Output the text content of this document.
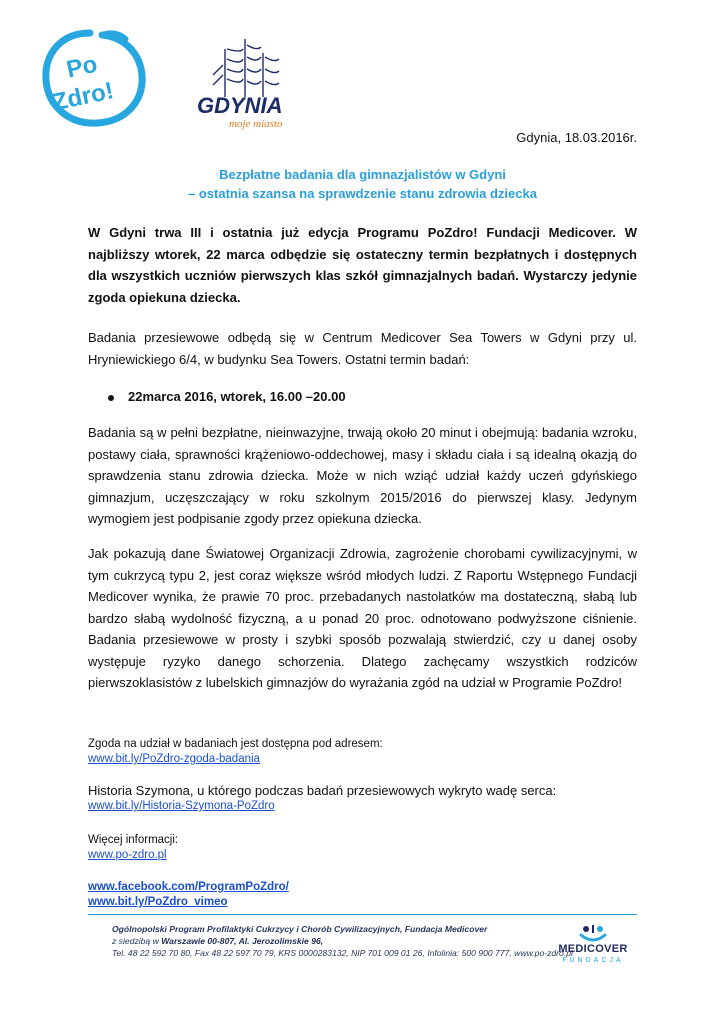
Po
Zdro!	GDYNIA
moje miasto
Gdynia, 18.03.2016r.
Bezpłatne badania dla gimnazjalistów w Gdyni
– ostatnia szansa na sprawdzenie stanu zdrowia dziecka
W Gdyni trwa III i ostatnia już edycja Programu PoZdro! Fundacji Medicover. W najbliższy wtorek, 22 marca odbędzie się ostateczny termin bezpłatnych i dostępnych dla wszystkich uczniów pierwszych klas szkół gimnazjalnych badań. Wystarczy jedynie zgoda opiekuna dziecka.
Badania przesiewowe odbędą się w Centrum Medicover Sea Towers w Gdyni przy ul. Hryniewickiego 6/4, w budynku Sea Towers. Ostatni termin badań:
22marca 2016, wtorek, 16.00 –20.00
Badania są w pełni bezpłatne, nieinwazyjne, trwają około 20 minut i obejmują: badania wzroku, postawy ciała, sprawności krążeniowo-oddechowej, masy i składu ciała i są idealną okazją do sprawdzenia stanu zdrowia dziecka. Może w nich wziąć udział każdy uczeń gdyńskiego gimnazjum, uczęszczający w roku szkolnym 2015/2016 do pierwszej klasy. Jedynym wymogiem jest podpisanie zgody przez opiekuna dziecka.
Jak pokazują dane Światowej Organizacji Zdrowia, zagrożenie chorobami cywilizacyjnymi, w tym cukrzycą typu 2, jest coraz większe wśród młodych ludzi. Z Raportu Wstępnego Fundacji Medicover wynika, że prawie 70 proc. przebadanych nastolatków ma dostateczną, słabą lub bardzo słabą wydolność fizyczną, a u ponad 20 proc. odnotowano podwyższone ciśnienie. Badania przesiewowe w prosty i szybki sposób pozwalają stwierdzić, czy u danej osoby występuje ryzyko danego schorzenia. Dlatego zachęcamy wszystkich rodziców pierwszoklasistów z lubelskich gimnazjów do wyrażania zgód na udział w Programie PoZdro!
Zgoda na udział w badaniach jest dostępna pod adresem:
www.bit.ly/PoZdro-zgoda-badania
Historia Szymona, u którego podczas badań przesiewowych wykryto wadę serca:
www.bit.ly/Historia-Szymona-PoZdro
Więcej informacji:
www.po-zdro.pl
www.facebook.com/ProgramPoZdro/
www.bit.ly/PoZdro_vimeo
Ogólnopolski Program Profilaktyki Cukrzycy i Chorób Cywilizacyjnych, Fundacja Medicover
z siedzibą w Warszawie 00-807, Al. Jerozolimskie 96,
Tel. 48 22 592 70 80, Fax 48 22 597 70 79, KRS 0000283132, NIP 701 009 01 26, Infolinia: 500 900 777, www.po-zdro.pl
MEDICOVER
FUNDACJA
